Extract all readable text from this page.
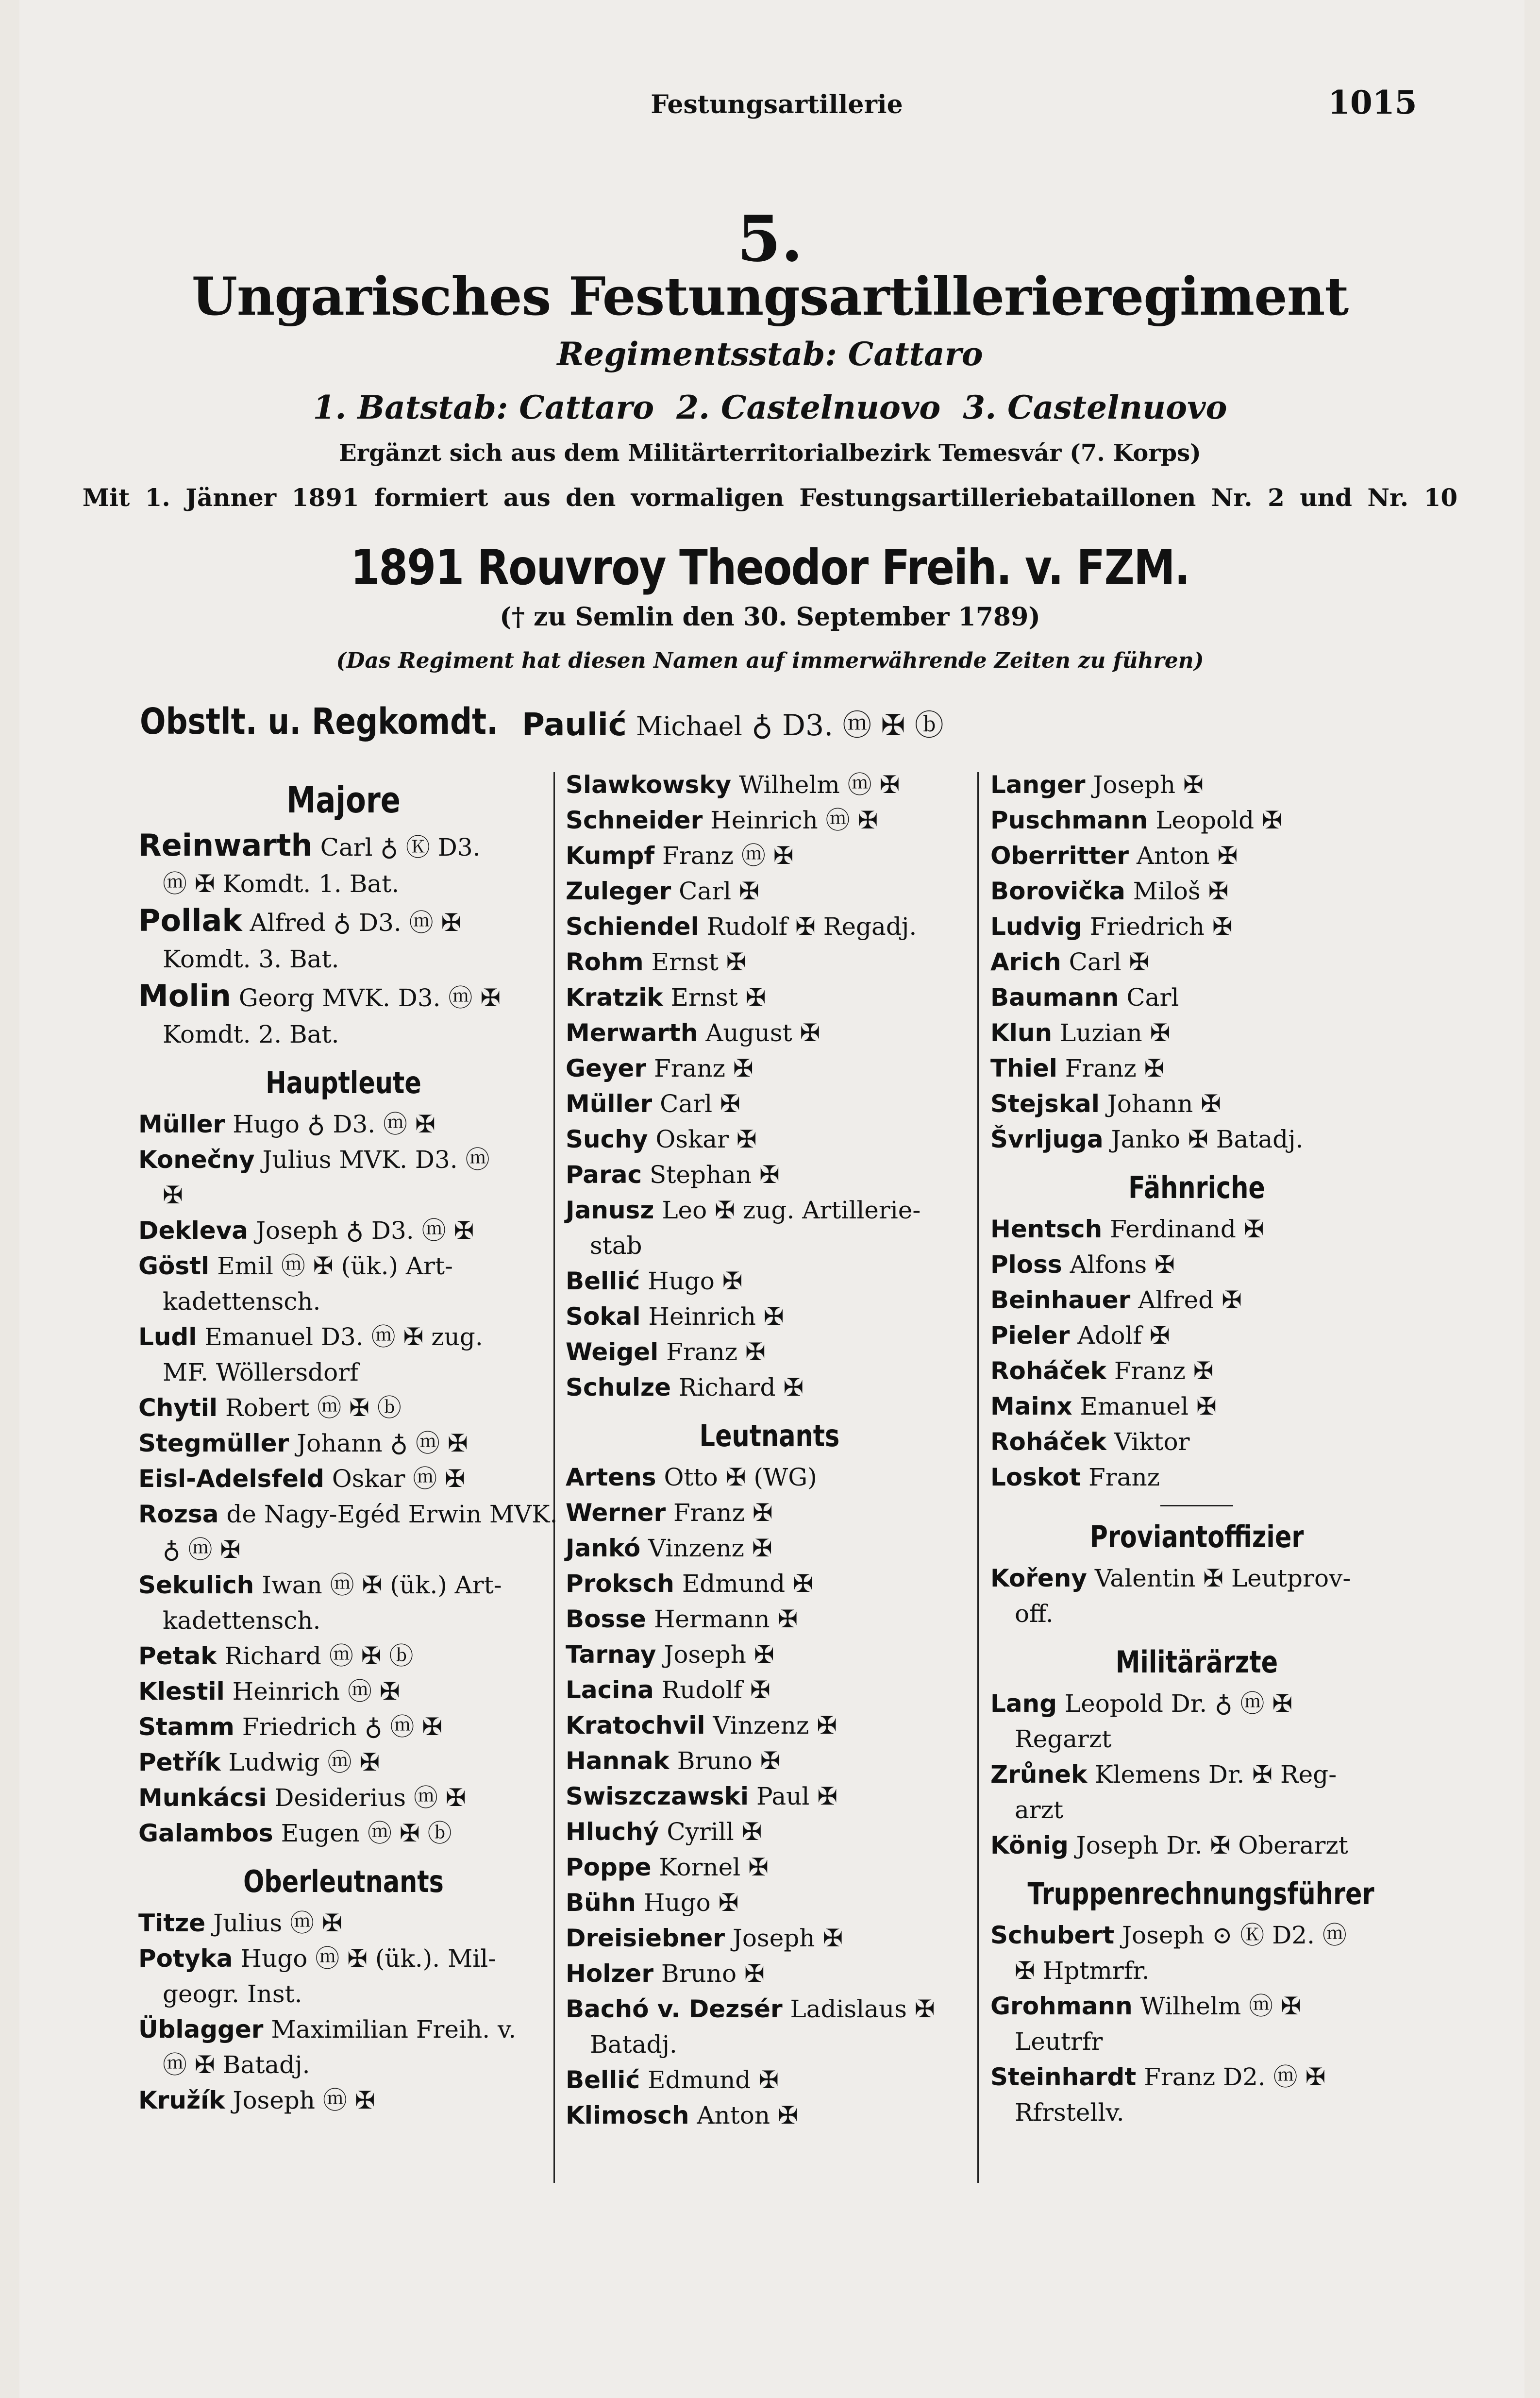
Festungsartillerie	1015
5.
Ungarisches Festungsartillerieregiment
Regimentsstab: Cattaro
1. Batstab: Cattaro  2. Castelnuovo  3. Castelnuovo
Ergänzt sich aus dem Militärterritorialbezirk Temesvár (7. Korps)
Mit 1. Jänner 1891 formiert aus den vormaligen Festungsartilleriebataillonen Nr. 2 und Nr. 10
1891 Rouvroy Theodor Freih. v. FZM.
(† zu Semlin den 30. September 1789)
(Das Regiment hat diesen Namen auf immerwährende Zeiten zu führen)
Obstlt. u. Regkomdt. Paulić Michael ♁ D3. ⓜ ✠ ⓑ
Majore
Reinwarth Carl ♁ Ⓚ D3.
ⓜ ✠ Komdt. 1. Bat.
Pollak Alfred ♁ D3. ⓜ ✠
Komdt. 3. Bat.
Molin Georg MVK. D3. ⓜ ✠
Komdt. 2. Bat.
Hauptleute
Müller Hugo ♁ D3. ⓜ ✠
Konečny Julius MVK. D3. ⓜ
✠
Dekleva Joseph ♁ D3. ⓜ ✠
Göstl Emil ⓜ ✠ (ük.) Art-
kadettensch.
Ludl Emanuel D3. ⓜ ✠ zug.
MF. Wöllersdorf
Chytil Robert ⓜ ✠ ⓑ
Stegmüller Johann ♁ ⓜ ✠
Eisl-Adelsfeld Oskar ⓜ ✠
Rozsa de Nagy-Egéd Erwin MVK.
♁ ⓜ ✠
Sekulich Iwan ⓜ ✠ (ük.) Art-
kadettensch.
Petak Richard ⓜ ✠ ⓑ
Klestil Heinrich ⓜ ✠
Stamm Friedrich ♁ ⓜ ✠
Petřík Ludwig ⓜ ✠
Munkácsi Desiderius ⓜ ✠
Galambos Eugen ⓜ ✠ ⓑ
Oberleutnants
Titze Julius ⓜ ✠
Potyka Hugo ⓜ ✠ (ük.). Mil-
geogr. Inst.
Üblagger Maximilian Freih. v.
ⓜ ✠ Batadj.
Kružík Joseph ⓜ ✠
Slawkowsky Wilhelm ⓜ ✠
Schneider Heinrich ⓜ ✠
Kumpf Franz ⓜ ✠
Zuleger Carl ✠
Schiendel Rudolf ✠ Regadj.
Rohm Ernst ✠
Kratzik Ernst ✠
Merwarth August ✠
Geyer Franz ✠
Müller Carl ✠
Suchy Oskar ✠
Parac Stephan ✠
Janusz Leo ✠ zug. Artillerie-
stab
Bellić Hugo ✠
Sokal Heinrich ✠
Weigel Franz ✠
Schulze Richard ✠
Leutnants
Artens Otto ✠ (WG)
Werner Franz ✠
Jankó Vinzenz ✠
Proksch Edmund ✠
Bosse Hermann ✠
Tarnay Joseph ✠
Lacina Rudolf ✠
Kratochvil Vinzenz ✠
Hannak Bruno ✠
Swiszczawski Paul ✠
Hluchý Cyrill ✠
Poppe Kornel ✠
Bühn Hugo ✠
Dreisiebner Joseph ✠
Holzer Bruno ✠
Bachó v. Dezsér Ladislaus ✠
Batadj.
Bellić Edmund ✠
Klimosch Anton ✠
Langer Joseph ✠
Puschmann Leopold ✠
Oberritter Anton ✠
Borovička Miloš ✠
Ludvig Friedrich ✠
Arich Carl ✠
Baumann Carl
Klun Luzian ✠
Thiel Franz ✠
Stejskal Johann ✠
Švrljuga Janko ✠ Batadj.
Fähnriche
Hentsch Ferdinand ✠
Ploss Alfons ✠
Beinhauer Alfred ✠
Pieler Adolf ✠
Roháček Franz ✠
Mainx Emanuel ✠
Roháček Viktor
Loskot Franz
Proviantoffizier
Kořeny Valentin ✠ Leutprov-
off.
Militärärzte
Lang Leopold Dr. ♁ ⓜ ✠
Regarzt
Zrůnek Klemens Dr. ✠ Reg-
arzt
König Joseph Dr. ✠ Oberarzt
Truppenrechnungsführer
Schubert Joseph ⊙ Ⓚ D2. ⓜ
✠ Hptmrfr.
Grohmann Wilhelm ⓜ ✠
Leutrfr
Steinhardt Franz D2. ⓜ ✠
Rfrstellv.
